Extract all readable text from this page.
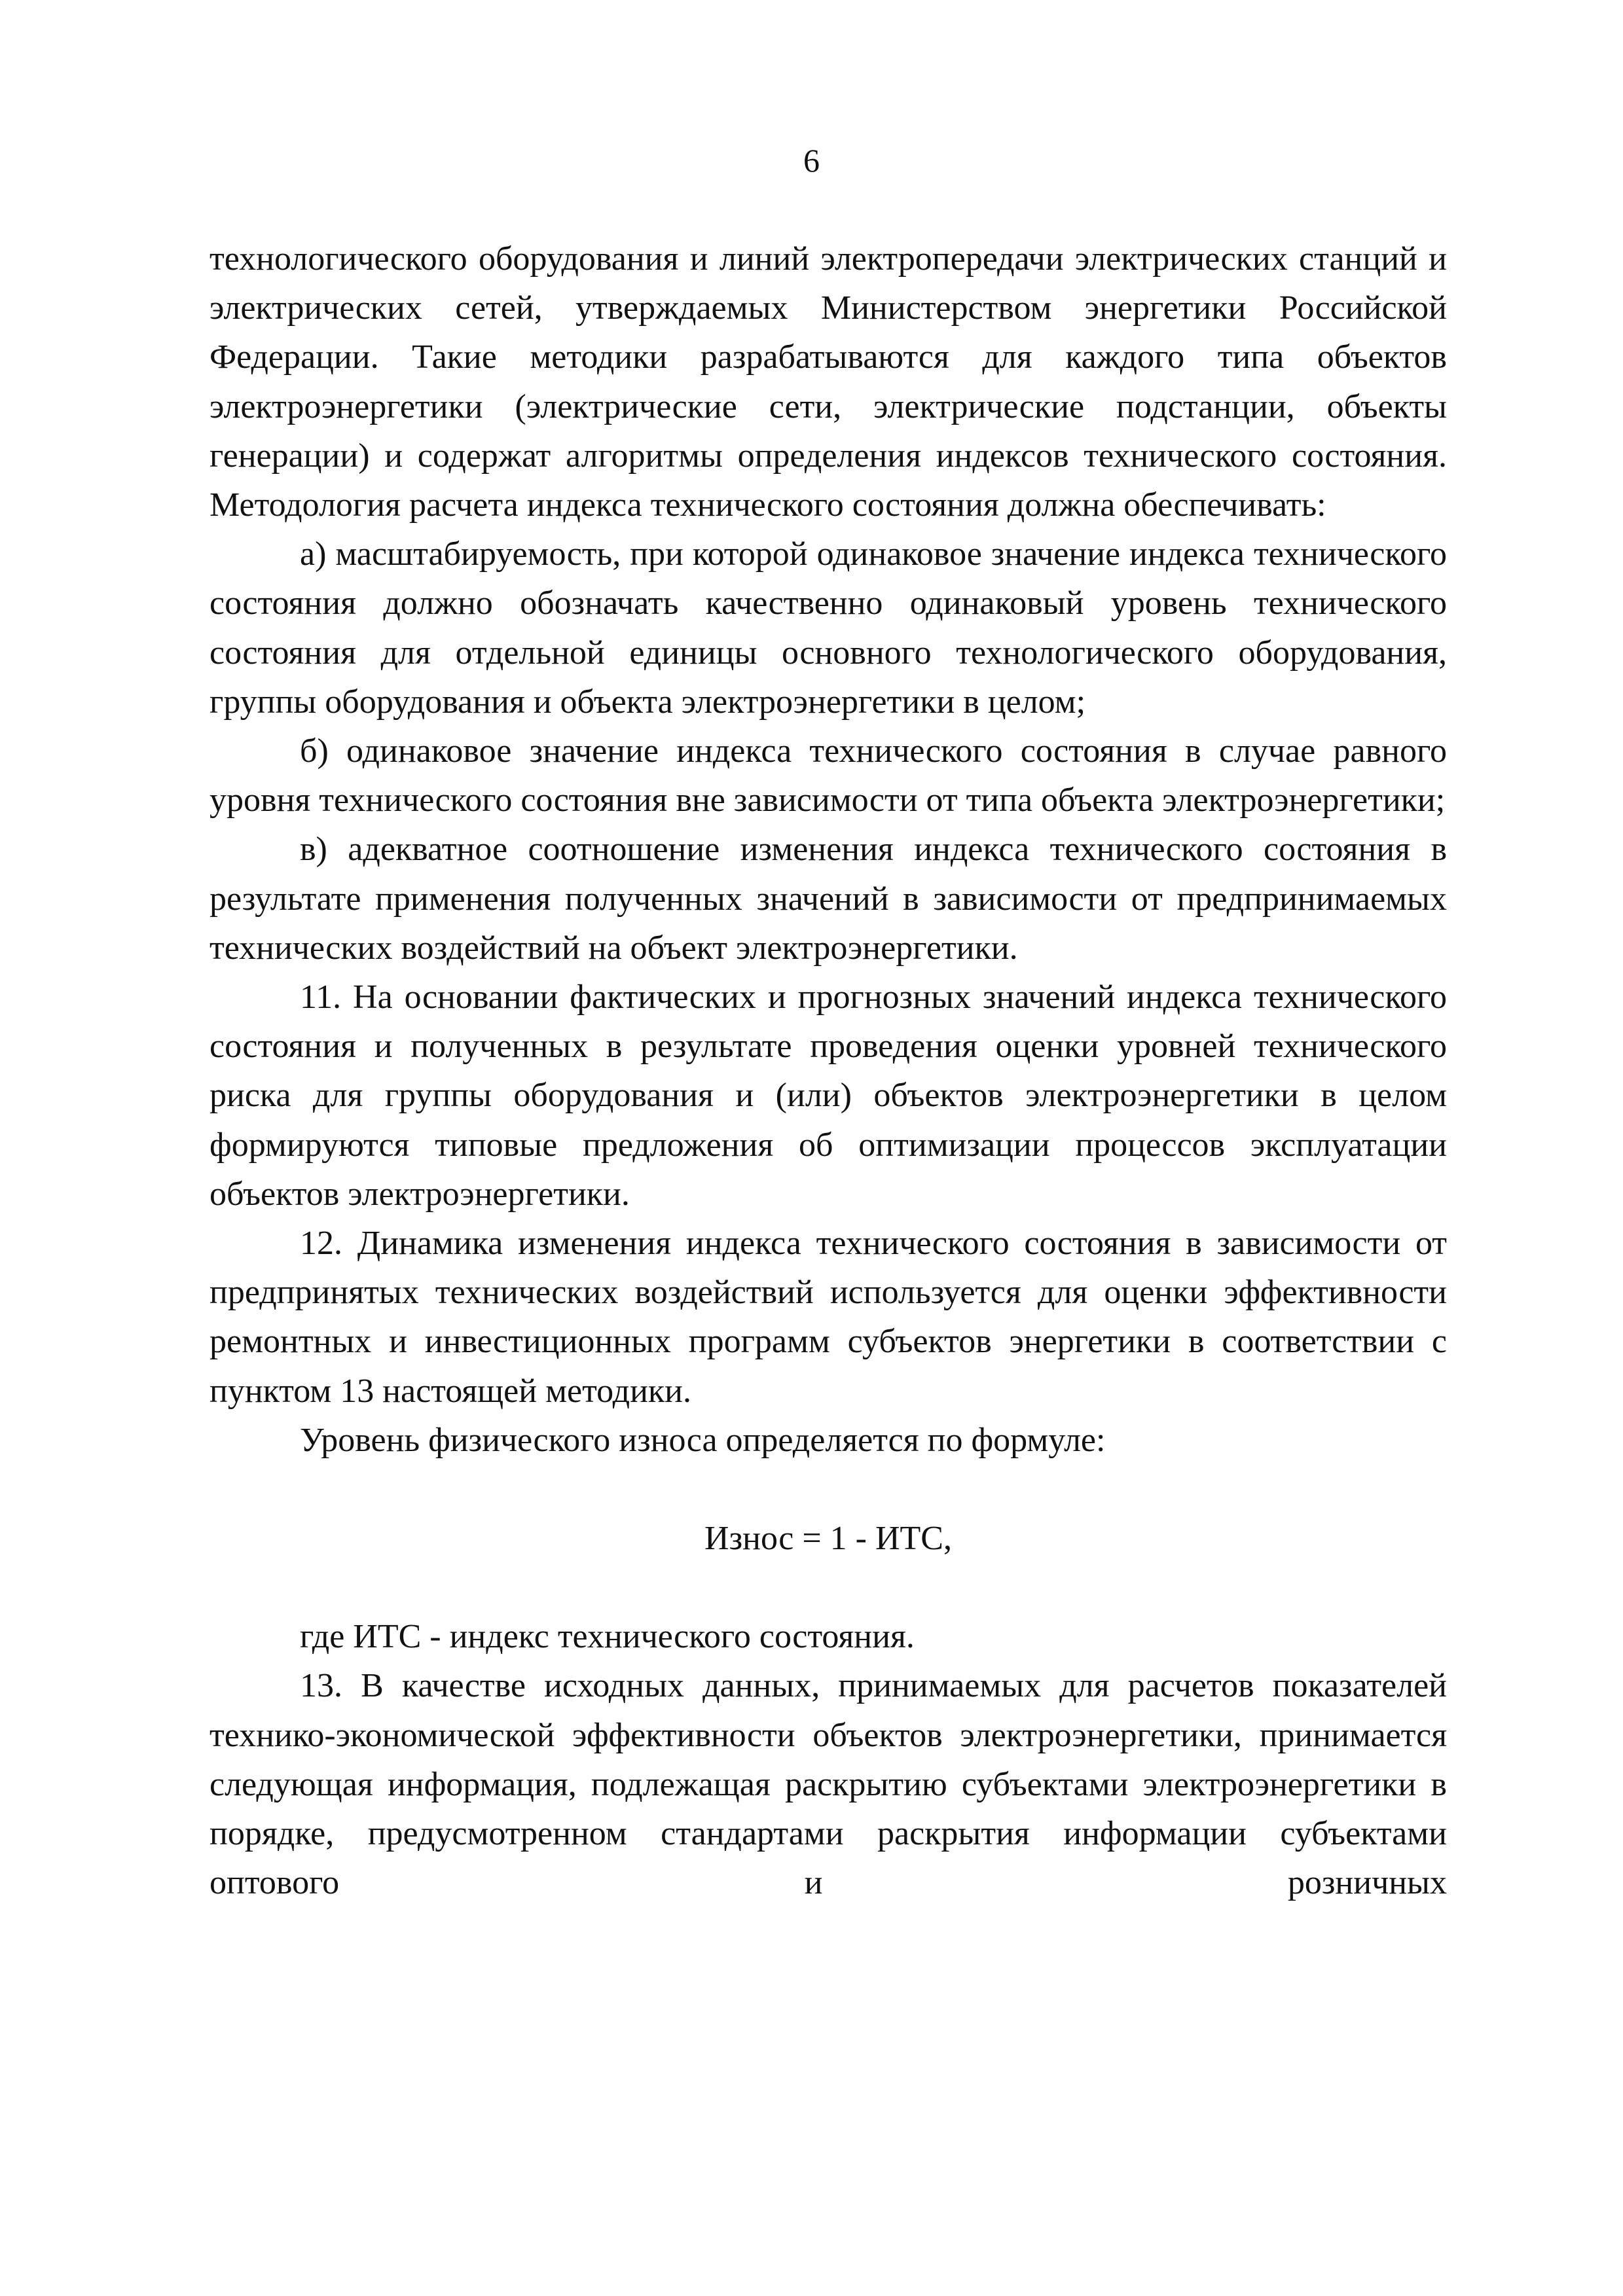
6

технологического оборудования и линий электропередачи электрических станций и электрических сетей, утверждаемых Министерством энергетики Российской Федерации. Такие методики разрабатываются для каждого типа объектов электроэнергетики (электрические сети, электрические подстанции, объекты генерации) и содержат алгоритмы определения индексов технического состояния. Методология расчета индекса технического состояния должна обеспечивать:

а) масштабируемость, при которой одинаковое значение индекса технического состояния должно обозначать качественно одинаковый уровень технического состояния для отдельной единицы основного технологического оборудования, группы оборудования и объекта электроэнергетики в целом;

б) одинаковое значение индекса технического состояния в случае равного уровня технического состояния вне зависимости от типа объекта электроэнергетики;

в) адекватное соотношение изменения индекса технического состояния в результате применения полученных значений в зависимости от предпринимаемых технических воздействий на объект электроэнергетики.

11. На основании фактических и прогнозных значений индекса технического состояния и полученных в результате проведения оценки уровней технического риска для группы оборудования и (или) объектов электроэнергетики в целом формируются типовые предложения об оптимизации процессов эксплуатации объектов электроэнергетики.

12. Динамика изменения индекса технического состояния в зависимости от предпринятых технических воздействий используется для оценки эффективности ремонтных и инвестиционных программ субъектов энергетики в соответствии с пунктом 13 настоящей методики.

Уровень физического износа определяется по формуле:

Износ = 1 - ИТС,

где ИТС - индекс технического состояния.

13. В качестве исходных данных, принимаемых для расчетов показателей технико-экономической эффективности объектов электроэнергетики, принимается следующая информация, подлежащая раскрытию субъектами электроэнергетики в порядке, предусмотренном стандартами раскрытия информации субъектами оптового и розничных
